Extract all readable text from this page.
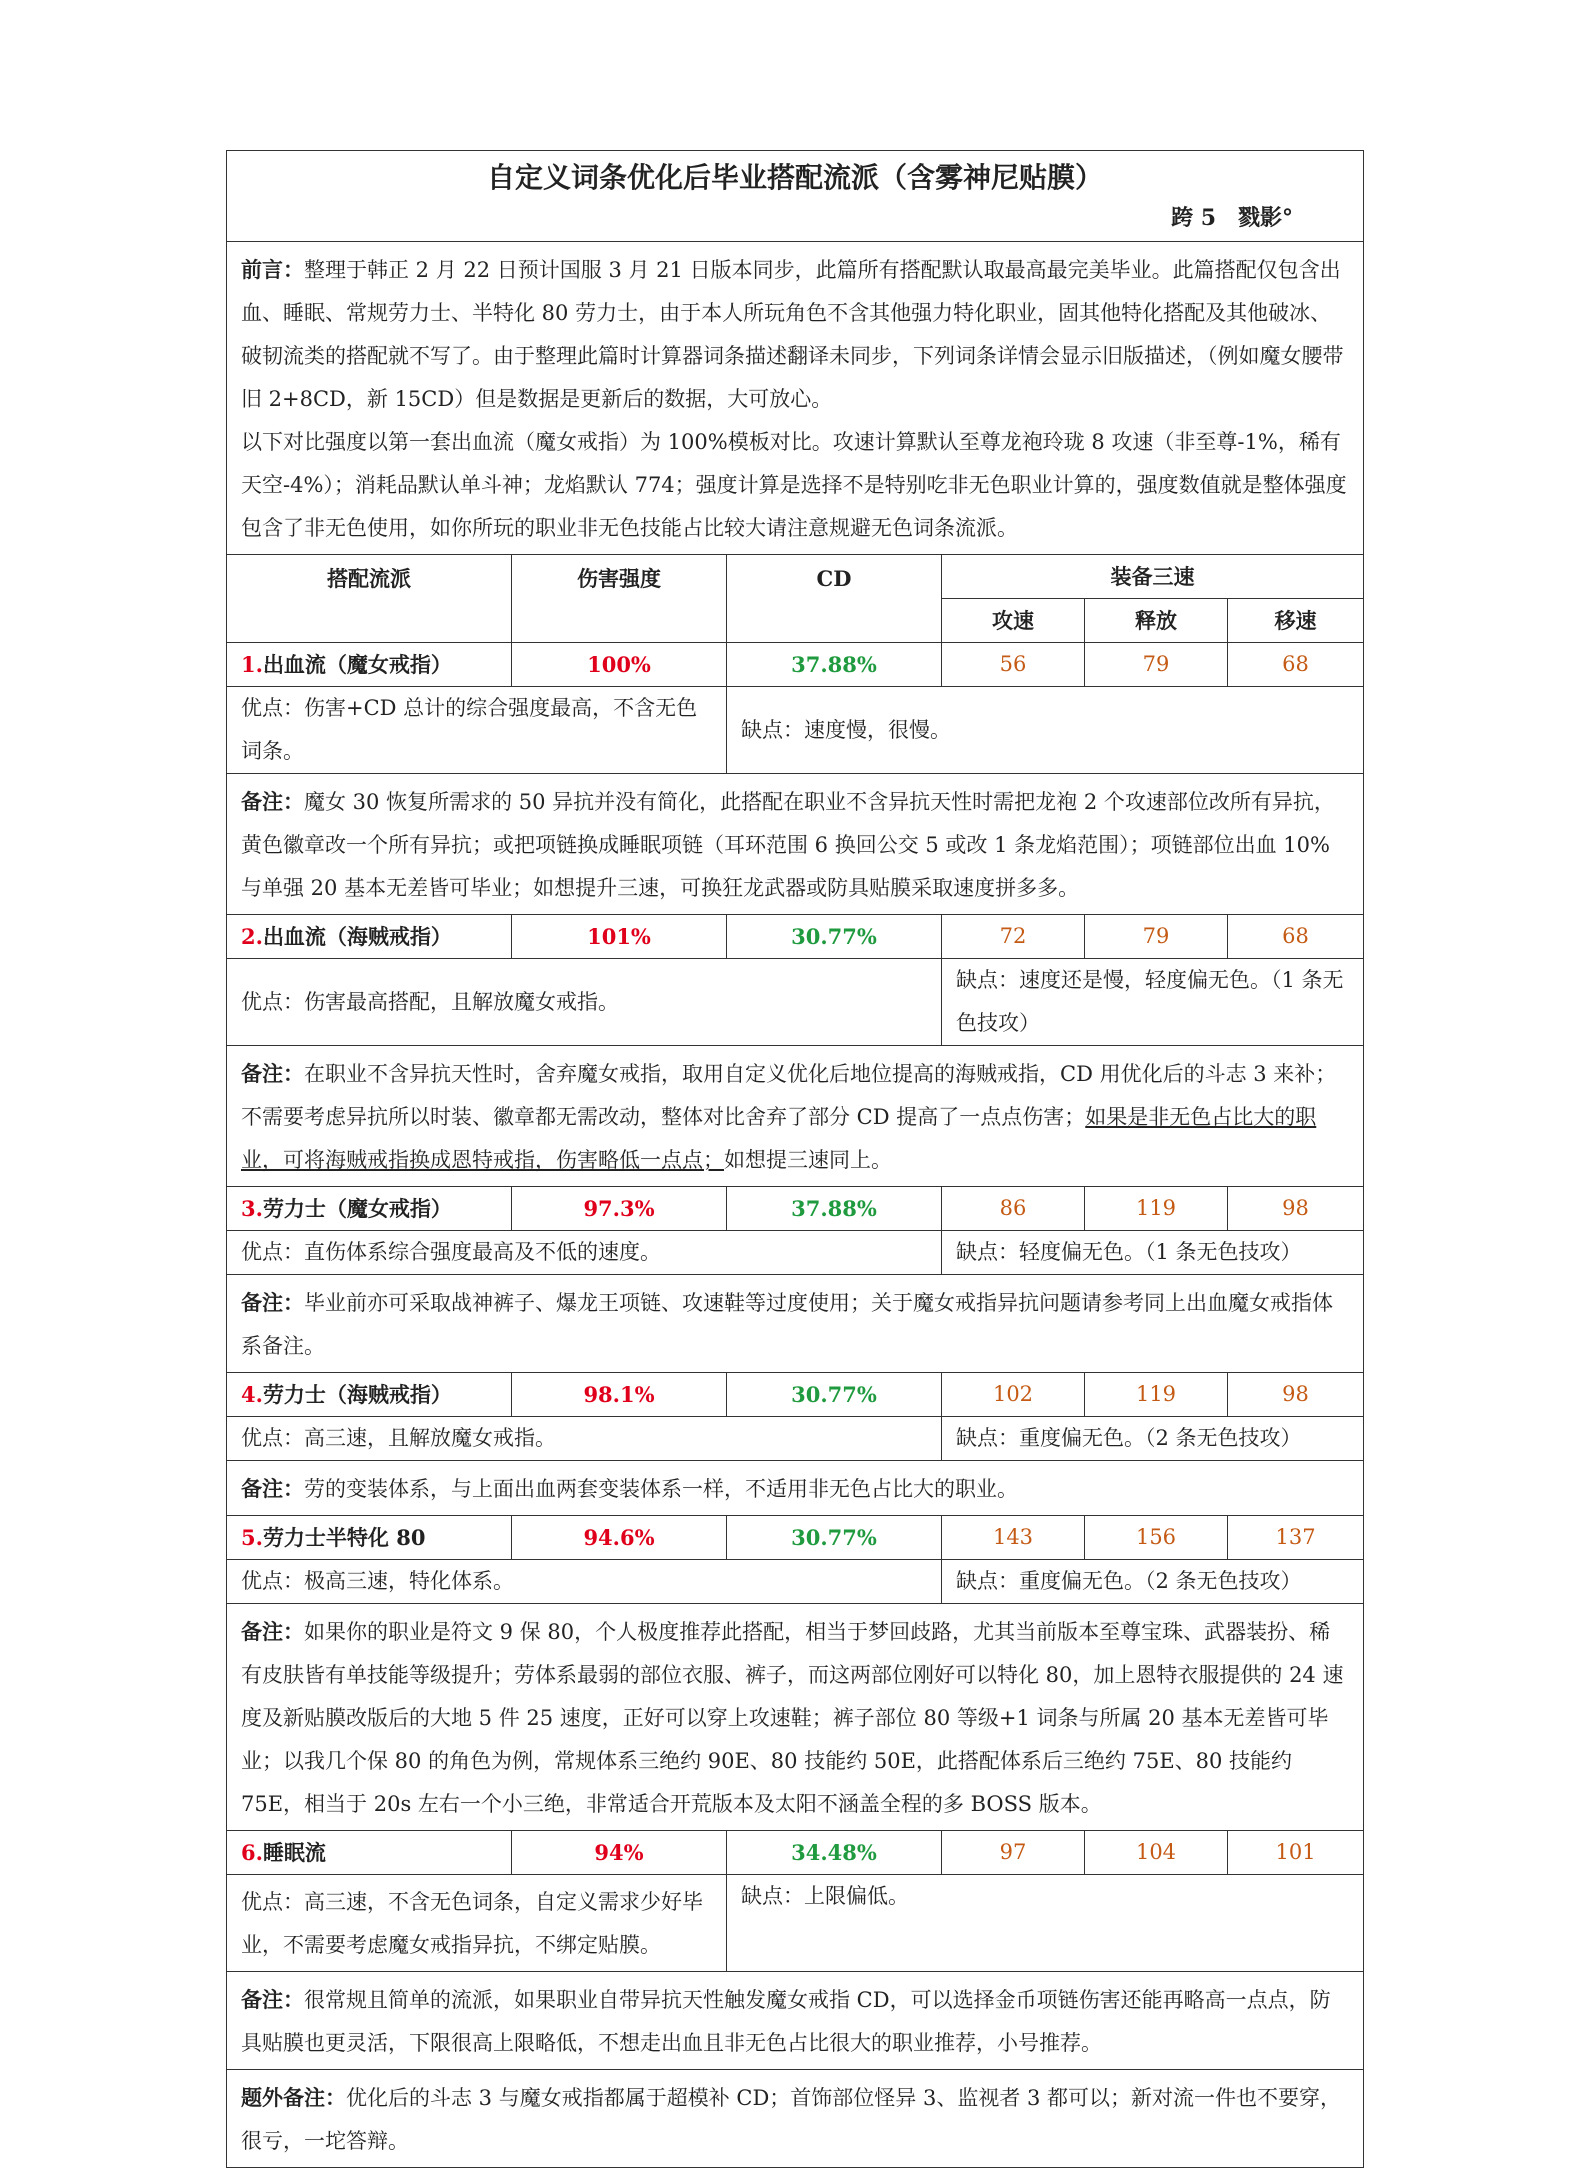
自定义词条优化后毕业搭配流派（含雾神尼贴膜）
跨 5　戮影°					

前言：整理于韩正 2 月 22 日预计国服 3 月 21 日版本同步，此篇所有搭配默认取最高最完美毕业。此篇搭配仅包含出血、睡眠、常规劳力士、半特化 80 劳力士，由于本人所玩角色不含其他强力特化职业，固其他特化搭配及其他破冰、破韧流类的搭配就不写了。由于整理此篇时计算器词条描述翻译未同步，下列词条详情会显示旧版描述，（例如魔女腰带旧 2+8CD，新 15CD）但是数据是更新后的数据，大可放心。
以下对比强度以第一套出血流（魔女戒指）为 100%模板对比。攻速计算默认至尊龙袍玲珑 8 攻速（非至尊-1%，稀有天空-4%）；消耗品默认单斗神；龙焰默认 774；强度计算是选择不是特别吃非无色职业计算的，强度数值就是整体强度包含了非无色使用，如你所玩的职业非无色技能占比较大请注意规避无色词条流派。					
搭配流派	伤害强度	CD	装备三速		
			攻速	释放	移速
1.出血流（魔女戒指）	100%	37.88%	56	79	68
优点：伤害+CD 总计的综合强度最高，不含无色词条。		缺点：速度慢，很慢。			
备注：魔女 30 恢复所需求的 50 异抗并没有简化，此搭配在职业不含异抗天性时需把龙袍 2 个攻速部位改所有异抗，黄色徽章改一个所有异抗；或把项链换成睡眠项链（耳环范围 6 换回公交 5 或改 1 条龙焰范围）；项链部位出血 10%与单强 20 基本无差皆可毕业；如想提升三速，可换狂龙武器或防具贴膜采取速度拼多多。					
2.出血流（海贼戒指）	101%	30.77%	72	79	68
优点：伤害最高搭配，且解放魔女戒指。			缺点：速度还是慢，轻度偏无色。（1 条无色技攻）		
备注：在职业不含异抗天性时，舍弃魔女戒指，取用自定义优化后地位提高的海贼戒指，CD 用优化后的斗志 3 来补；不需要考虑异抗所以时装、徽章都无需改动，整体对比舍弃了部分 CD 提高了一点点伤害；如果是非无色占比大的职业，可将海贼戒指换成恩特戒指，伤害略低一点点；如想提三速同上。					
3.劳力士（魔女戒指）	97.3%	37.88%	86	119	98
优点：直伤体系综合强度最高及不低的速度。			缺点：轻度偏无色。（1 条无色技攻）		
备注：毕业前亦可采取战神裤子、爆龙王项链、攻速鞋等过度使用；关于魔女戒指异抗问题请参考同上出血魔女戒指体系备注。					
4.劳力士（海贼戒指）	98.1%	30.77%	102	119	98
优点：高三速，且解放魔女戒指。			缺点：重度偏无色。（2 条无色技攻）		
备注：劳的变装体系，与上面出血两套变装体系一样，不适用非无色占比大的职业。					
5.劳力士半特化 80	94.6%	30.77%	143	156	137
优点：极高三速，特化体系。			缺点：重度偏无色。（2 条无色技攻）		
备注：如果你的职业是符文 9 保 80，个人极度推荐此搭配，相当于梦回歧路，尤其当前版本至尊宝珠、武器装扮、稀有皮肤皆有单技能等级提升；劳体系最弱的部位衣服、裤子，而这两部位刚好可以特化 80，加上恩特衣服提供的 24 速度及新贴膜改版后的大地 5 件 25 速度，正好可以穿上攻速鞋；裤子部位 80 等级+1 词条与所属 20 基本无差皆可毕业；以我几个保 80 的角色为例，常规体系三绝约 90E、80 技能约 50E，此搭配体系后三绝约 75E、80 技能约 75E，相当于 20s 左右一个小三绝，非常适合开荒版本及太阳不涵盖全程的多 BOSS 版本。					
6.睡眠流	94%	34.48%	97	104	101
优点：高三速，不含无色词条，自定义需求少好毕业，不需要考虑魔女戒指异抗，不绑定贴膜。		缺点：上限偏低。			
备注：很常规且简单的流派，如果职业自带异抗天性触发魔女戒指 CD，可以选择金币项链伤害还能再略高一点点，防具贴膜也更灵活，下限很高上限略低，不想走出血且非无色占比很大的职业推荐，小号推荐。					
题外备注：优化后的斗志 3 与魔女戒指都属于超模补 CD；首饰部位怪异 3、监视者 3 都可以；新对流一件也不要穿，很亏，一坨答辩。					
